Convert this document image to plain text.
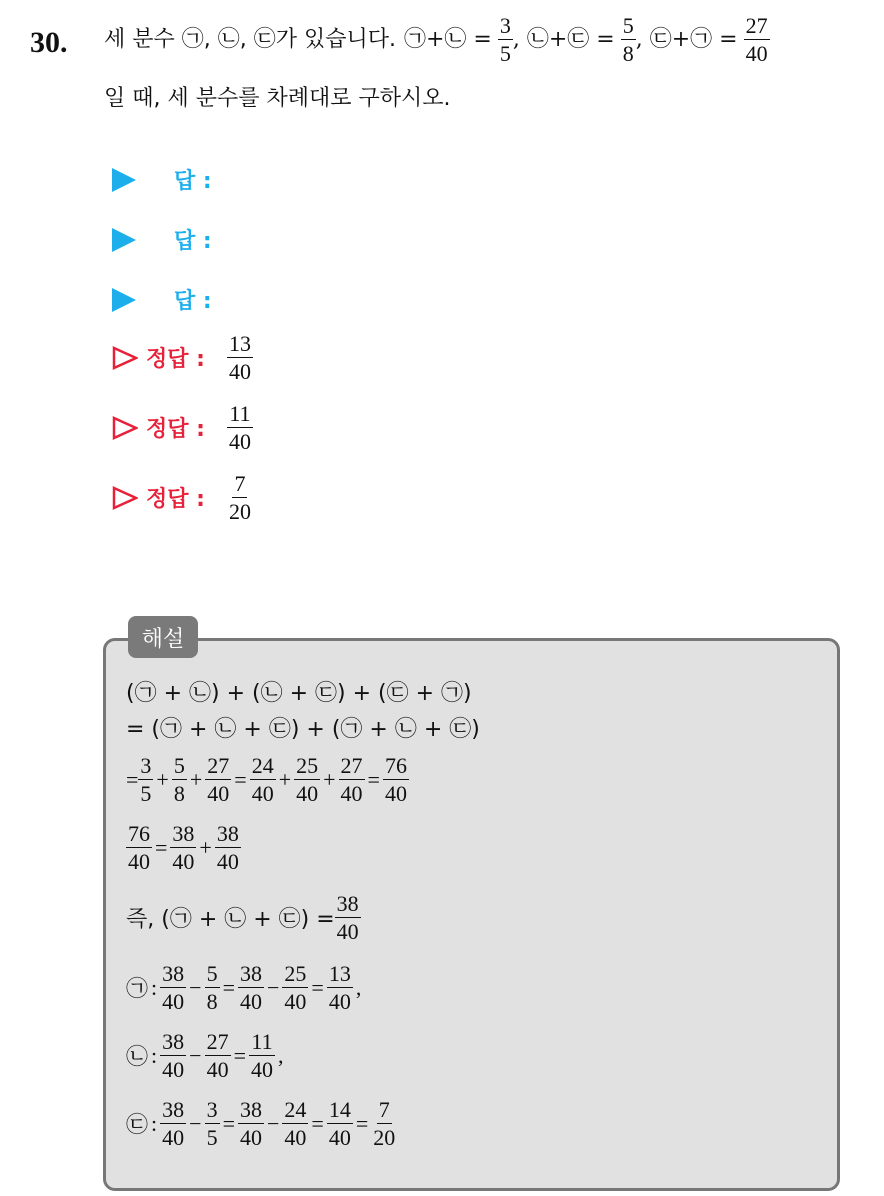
30. 세 분수 ㉠, ㉡, ㉢가 있습니다. ㉠+㉡ = $\frac{3}{5}$ , ㉡+㉢ = $\frac{5}{8}$ , ㉢+㉠ = $\frac{27}{40}$
일 때, 세 분수를 차례대로 구하시오.
답 :
답 :
답 :
정답 : $\frac{13}{40}$
정답 : $\frac{11}{40}$
정답 : $\frac{7}{20}$
해설
(㉠ + ㉡) + (㉡ + ㉢) + (㉢ + ㉠)
= (㉠ + ㉡ + ㉢) + (㉠ + ㉡ + ㉢)
= $\frac{3}{5} + \frac{5}{8} + \frac{27}{40} = \frac{24}{40} + \frac{25}{40} + \frac{27}{40} = \frac{76}{40}$
$\frac{76}{40} = \frac{38}{40} + \frac{38}{40}$
즉, (㉠ + ㉡ + ㉢) = $\frac{38}{40}$
㉠ : $\frac{38}{40} - \frac{5}{8} = \frac{38}{40} - \frac{25}{40} = \frac{13}{40}$ ,
㉡ : $\frac{38}{40} - \frac{27}{40} = \frac{11}{40}$ ,
㉢ : $\frac{38}{40} - \frac{3}{5} = \frac{38}{40} - \frac{24}{40} = \frac{14}{40} = \frac{7}{20}$
